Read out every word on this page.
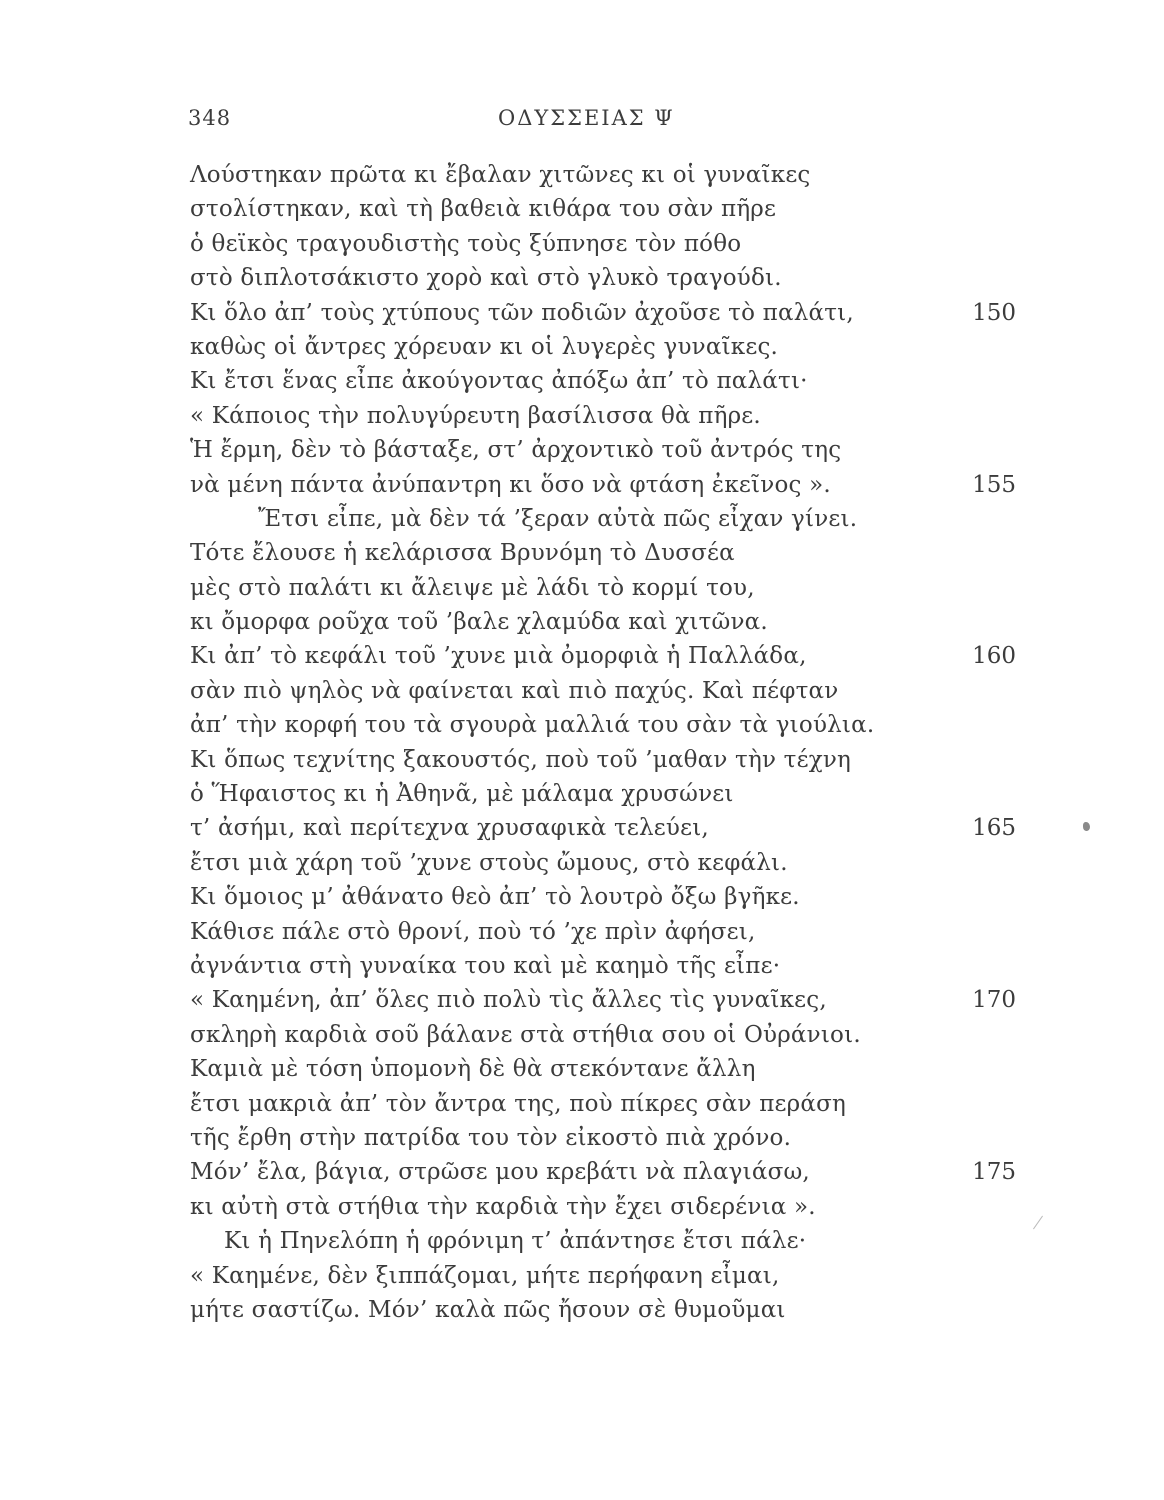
348	ΟΔΥΣΣΕΙΑΣ Ψ
Λούστηκαν πρῶτα κι ἔβαλαν χιτῶνες κι οἱ γυναῖκες
στολίστηκαν, καὶ τὴ βαθειὰ κιθάρα του σὰν πῆρε
ὁ θεϊκὸς τραγουδιστὴς τοὺς ξύπνησε τὸν πόθο
στὸ διπλοτσάκιστο χορὸ καὶ στὸ γλυκὸ τραγούδι.
Κι ὅλο ἀπ’ τοὺς χτύπους τῶν ποδιῶν ἀχοῦσε τὸ παλάτι,	150
καθὼς οἱ ἄντρες χόρευαν κι οἱ λυγερὲς γυναῖκες.
Κι ἔτσι ἕνας εἶπε ἀκούγοντας ἀπόξω ἀπ’ τὸ παλάτι·
« Κάποιος τὴν πολυγύρευτη βασίλισσα θὰ πῆρε.
Ἡ ἔρμη, δὲν τὸ βάσταξε, στ’ ἀρχοντικὸ τοῦ ἀντρός της
νὰ μένη πάντα ἀνύπαντρη κι ὅσο νὰ φτάση ἐκεῖνος ».	155
Ἔτσι εἶπε, μὰ δὲν τά ’ξεραν αὐτὰ πῶς εἶχαν γίνει.
Τότε ἔλουσε ἡ κελάρισσα Βρυνόμη τὸ Δυσσέα
μὲς στὸ παλάτι κι ἄλειψε μὲ λάδι τὸ κορμί του,
κι ὄμορφα ροῦχα τοῦ ’βαλε χλαμύδα καὶ χιτῶνα.
Κι ἀπ’ τὸ κεφάλι τοῦ ’χυνε μιὰ ὀμορφιὰ ἡ Παλλάδα,	160
σὰν πιὸ ψηλὸς νὰ φαίνεται καὶ πιὸ παχύς. Καὶ πέφταν
ἀπ’ τὴν κορφή του τὰ σγουρὰ μαλλιά του σὰν τὰ γιούλια.
Κι ὅπως τεχνίτης ξακουστός, ποὺ τοῦ ’μαθαν τὴν τέχνη
ὁ Ἥφαιστος κι ἡ Ἀθηνᾶ, μὲ μάλαμα χρυσώνει
τ’ ἀσήμι, καὶ περίτεχνα χρυσαφικὰ τελεύει,	165
ἔτσι μιὰ χάρη τοῦ ’χυνε στοὺς ὤμους, στὸ κεφάλι.
Κι ὅμοιος μ’ ἀθάνατο θεὸ ἀπ’ τὸ λουτρὸ ὄξω βγῆκε.
Κάθισε πάλε στὸ θρονί, ποὺ τό ’χε πρὶν ἀφήσει,
ἀγνάντια στὴ γυναίκα του καὶ μὲ καημὸ τῆς εἶπε·
« Καημένη, ἀπ’ ὅλες πιὸ πολὺ τὶς ἄλλες τὶς γυναῖκες,	170
σκληρὴ καρδιὰ σοῦ βάλανε στὰ στήθια σου οἱ Οὐράνιοι.
Καμιὰ μὲ τόση ὑπομονὴ δὲ θὰ στεκόντανε ἄλλη
ἔτσι μακριὰ ἀπ’ τὸν ἄντρα της, ποὺ πίκρες σὰν περάση
τῆς ἔρθη στὴν πατρίδα του τὸν εἰκοστὸ πιὰ χρόνο.
Μόν’ ἔλα, βάγια, στρῶσε μου κρεβάτι νὰ πλαγιάσω,	175
κι αὐτὴ στὰ στήθια τὴν καρδιὰ τὴν ἔχει σιδερένια ».
Κι ἡ Πηνελόπη ἡ φρόνιμη τ’ ἀπάντησε ἔτσι πάλε·
« Καημένε, δὲν ξιππάζομαι, μήτε περήφανη εἶμαι,
μήτε σαστίζω. Μόν’ καλὰ πῶς ἤσουν σὲ θυμοῦμαι
